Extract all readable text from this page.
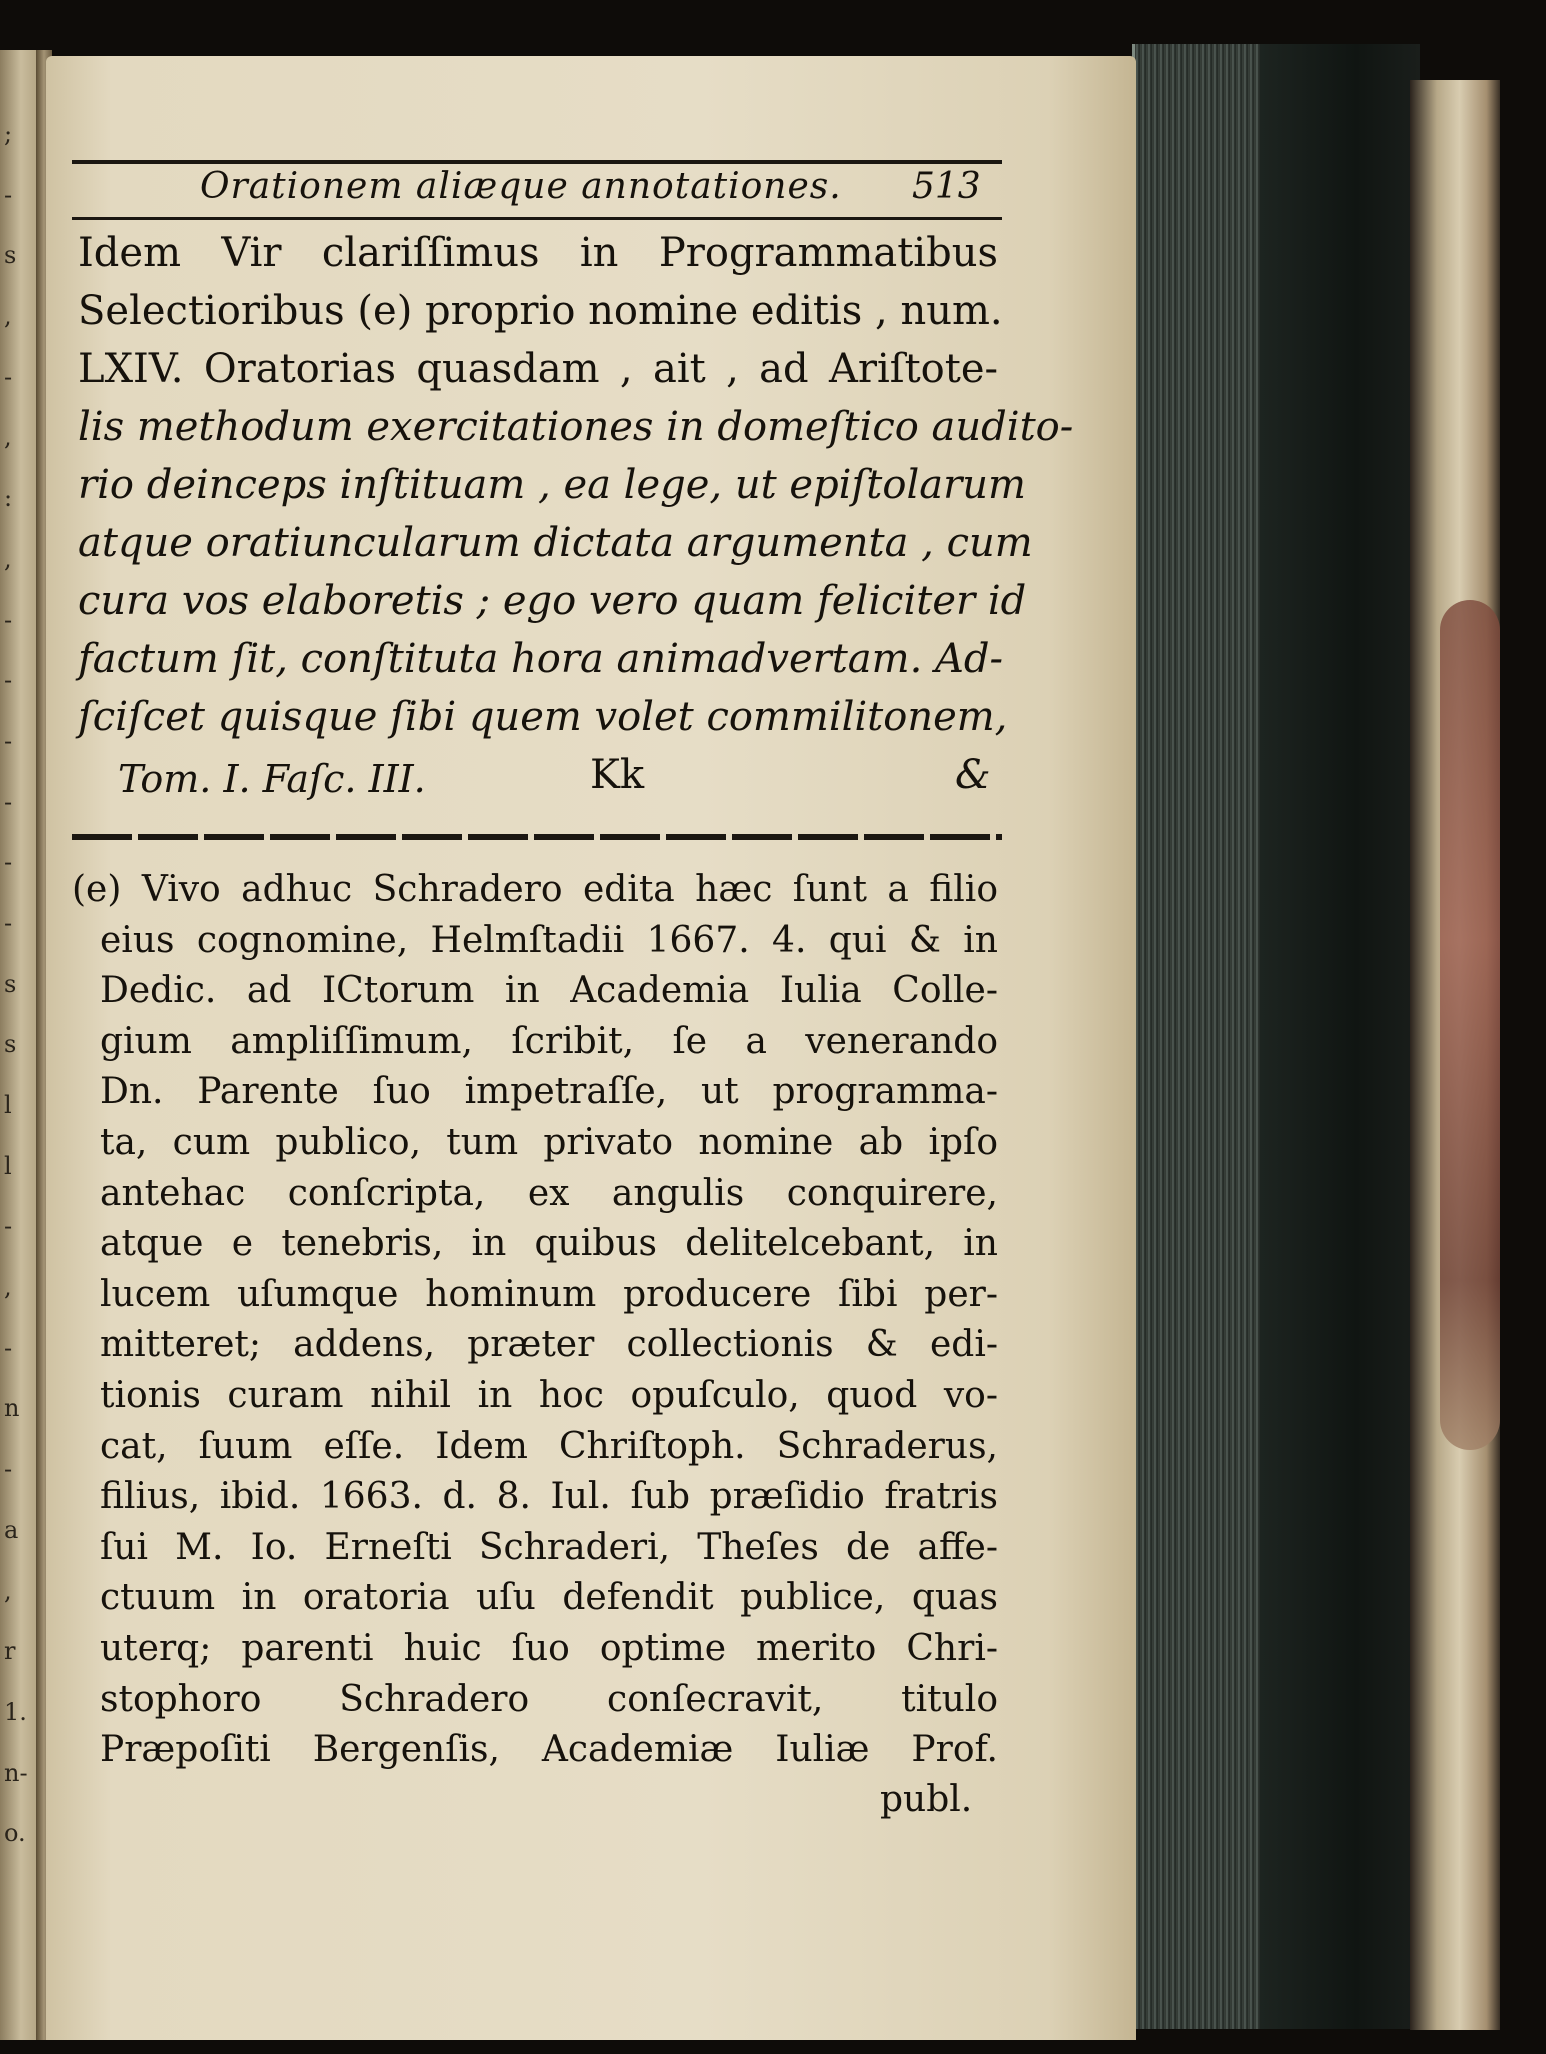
;
-
s
,
-
,
:
,
-
-
-
-
-
-
s
s
l
l
-
,
-
n
-
a
,
r
1.
n-
o.
Orationem aliæque annotationes. 513
Idem Vir clariſſimus in Programmatibus
Selectioribus (e) proprio nomine editis , num.
LXIV. Oratorias quasdam , ait , ad Ariſtote-
lis methodum exercitationes in domeſtico audito-
rio deinceps inſtituam , ea lege, ut epiſtolarum
atque oratiuncularum dictata argumenta , cum
cura vos elaboretis ; ego vero quam feliciter id
factum ſit, conſtituta hora animadvertam. Ad-
ſciſcet quisque ſibi quem volet commilitonem,
Tom. I. Faſc. III.	Kk	&
(e) Vivo adhuc Schradero edita hæc ſunt a filio
eius cognomine, Helmſtadii 1667. 4. qui & in
Dedic. ad ICtorum in Academia Iulia Colle-
gium ampliſſimum, ſcribit, ſe a venerando
Dn. Parente ſuo impetraſſe, ut programma-
ta, cum publico, tum privato nomine ab ipſo
antehac conſcripta, ex angulis conquirere,
atque e tenebris, in quibus delitelcebant, in
lucem uſumque hominum producere ſibi per-
mitteret; addens, præter collectionis & edi-
tionis curam nihil in hoc opuſculo, quod vo-
cat, ſuum eſſe. Idem Chriſtoph. Schraderus,
filius, ibid. 1663. d. 8. Iul. ſub præſidio fratris
ſui M. Io. Erneſti Schraderi, Theſes de affe-
ctuum in oratoria uſu defendit publice, quas
uterq; parenti huic ſuo optime merito Chri-
stophoro Schradero conſecravit, titulo
Præpoſiti Bergenſis, Academiæ Iuliæ Prof.
publ.
